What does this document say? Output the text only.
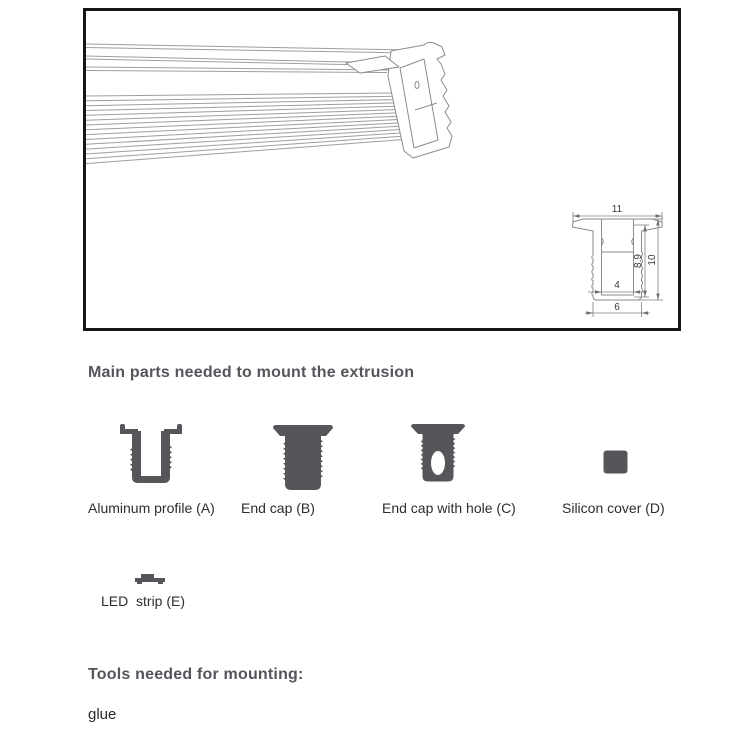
11
4
6
8.9 10
Main parts needed to mount the extrusion
Aluminum profile (A) End cap (B)	End cap with hole (C)	Silicon cover (D)
LED  strip (E)
Tools needed for mounting:
glue
